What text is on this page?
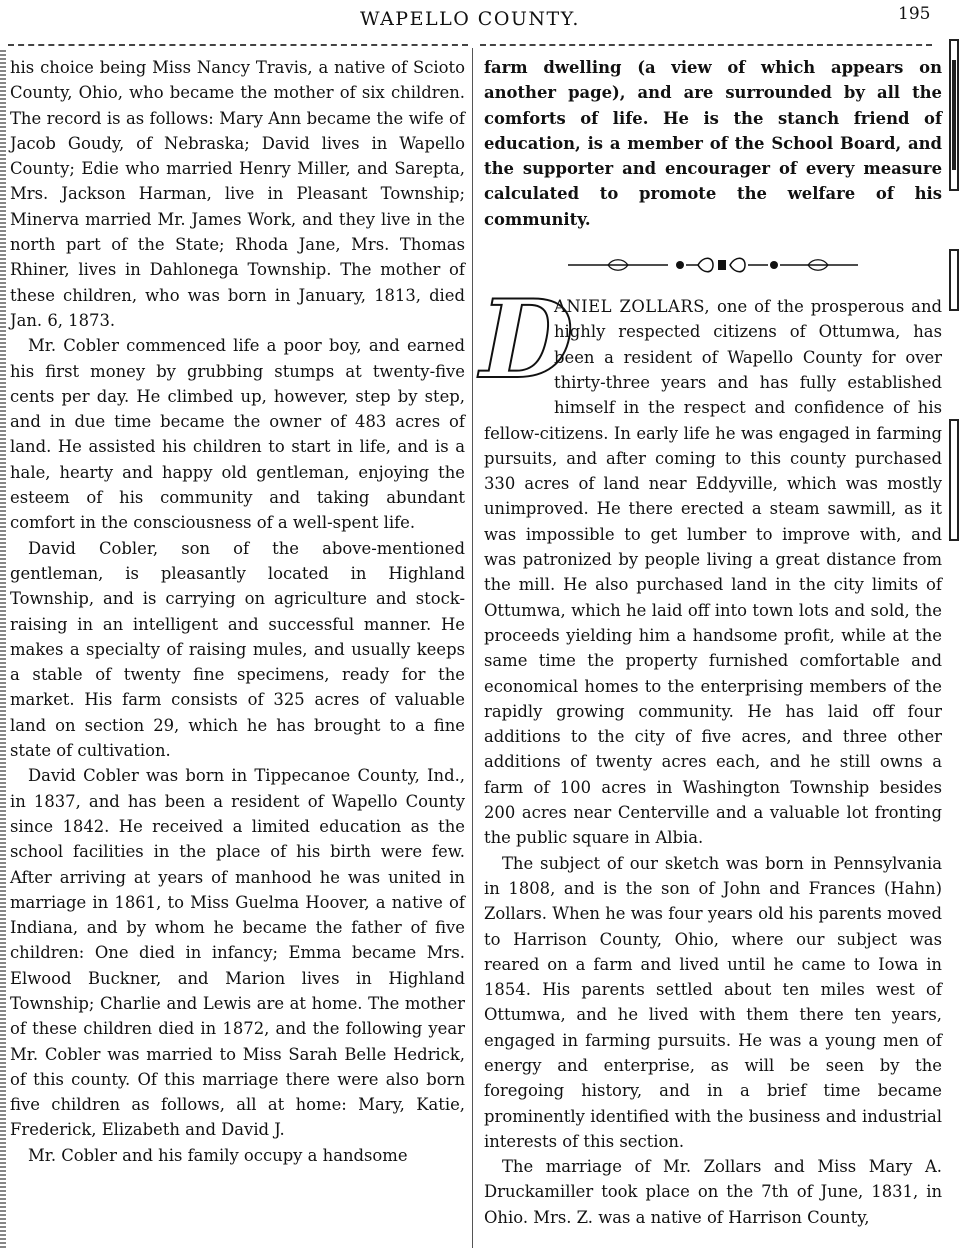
WAPELLO COUNTY.	195

his choice being Miss Nancy Travis, a native of Scioto County, Ohio, who became the mother of six children. The record is as follows: Mary Ann became the wife of Jacob Goudy, of Nebraska; David lives in Wapello County; Edie who married Henry Miller, and Sarepta, Mrs. Jackson Harman, live in Pleasant Township; Minerva married Mr. James Work, and they live in the north part of the State; Rhoda Jane, Mrs. Thomas Rhiner, lives in Dahlonega Township. The mother of these children, who was born in January, 1813, died Jan. 6, 1873.

Mr. Cobler commenced life a poor boy, and earned his first money by grubbing stumps at twenty-five cents per day. He climbed up, however, step by step, and in due time became the owner of 483 acres of land. He assisted his children to start in life, and is a hale, hearty and happy old gentleman, enjoying the esteem of his community and taking abundant comfort in the consciousness of a well-spent life.

David Cobler, son of the above-mentioned gentleman, is pleasantly located in Highland Township, and is carrying on agriculture and stock-raising in an intelligent and successful manner. He makes a specialty of raising mules, and usually keeps a stable of twenty fine specimens, ready for the market. His farm consists of 325 acres of valuable land on section 29, which he has brought to a fine state of cultivation.

David Cobler was born in Tippecanoe County, Ind., in 1837, and has been a resident of Wapello County since 1842. He received a limited education as the school facilities in the place of his birth were few. After arriving at years of manhood he was united in marriage in 1861, to Miss Guelma Hoover, a native of Indiana, and by whom he became the father of five children: One died in infancy; Emma became Mrs. Elwood Buckner, and Marion lives in Highland Township; Charlie and Lewis are at home. The mother of these children died in 1872, and the following year Mr. Cobler was married to Miss Sarah Belle Hedrick, of this county. Of this marriage there were also born five children as follows, all at home: Mary, Katie, Frederick, Elizabeth and David J.

Mr. Cobler and his family occupy a handsome

farm dwelling (a view of which appears on another page), and are surrounded by all the comforts of life. He is the stanch friend of education, is a member of the School Board, and the supporter and encourager of every measure calculated to promote the welfare of his community.

D
ANIEL ZOLLARS, one of the prosperous and highly respected citizens of Ottumwa, has been a resident of Wapello County for over thirty-three years and has fully established himself in the respect and confidence of his fellow-citizens. In early life he was engaged in farming pursuits, and after coming to this county purchased 330 acres of land near Eddyville, which was mostly unimproved. He there erected a steam sawmill, as it was impossible to get lumber to improve with, and was patronized by people living a great distance from the mill. He also purchased land in the city limits of Ottumwa, which he laid off into town lots and sold, the proceeds yielding him a handsome profit, while at the same time the property furnished comfortable and economical homes to the enterprising members of the rapidly growing community. He has laid off four additions to the city of five acres, and three other additions of twenty acres each, and he still owns a farm of 100 acres in Washington Township besides 200 acres near Centerville and a valuable lot fronting the public square in Albia.

The subject of our sketch was born in Pennsylvania in 1808, and is the son of John and Frances (Hahn) Zollars. When he was four years old his parents moved to Harrison County, Ohio, where our subject was reared on a farm and lived until he came to Iowa in 1854. His parents settled about ten miles west of Ottumwa, and he lived with them there ten years, engaged in farming pursuits. He was a young men of energy and enterprise, as will be seen by the foregoing history, and in a brief time became prominently identified with the business and industrial interests of this section.

The marriage of Mr. Zollars and Miss Mary A. Druckamiller took place on the 7th of June, 1831, in Ohio. Mrs. Z. was a native of Harrison County,
